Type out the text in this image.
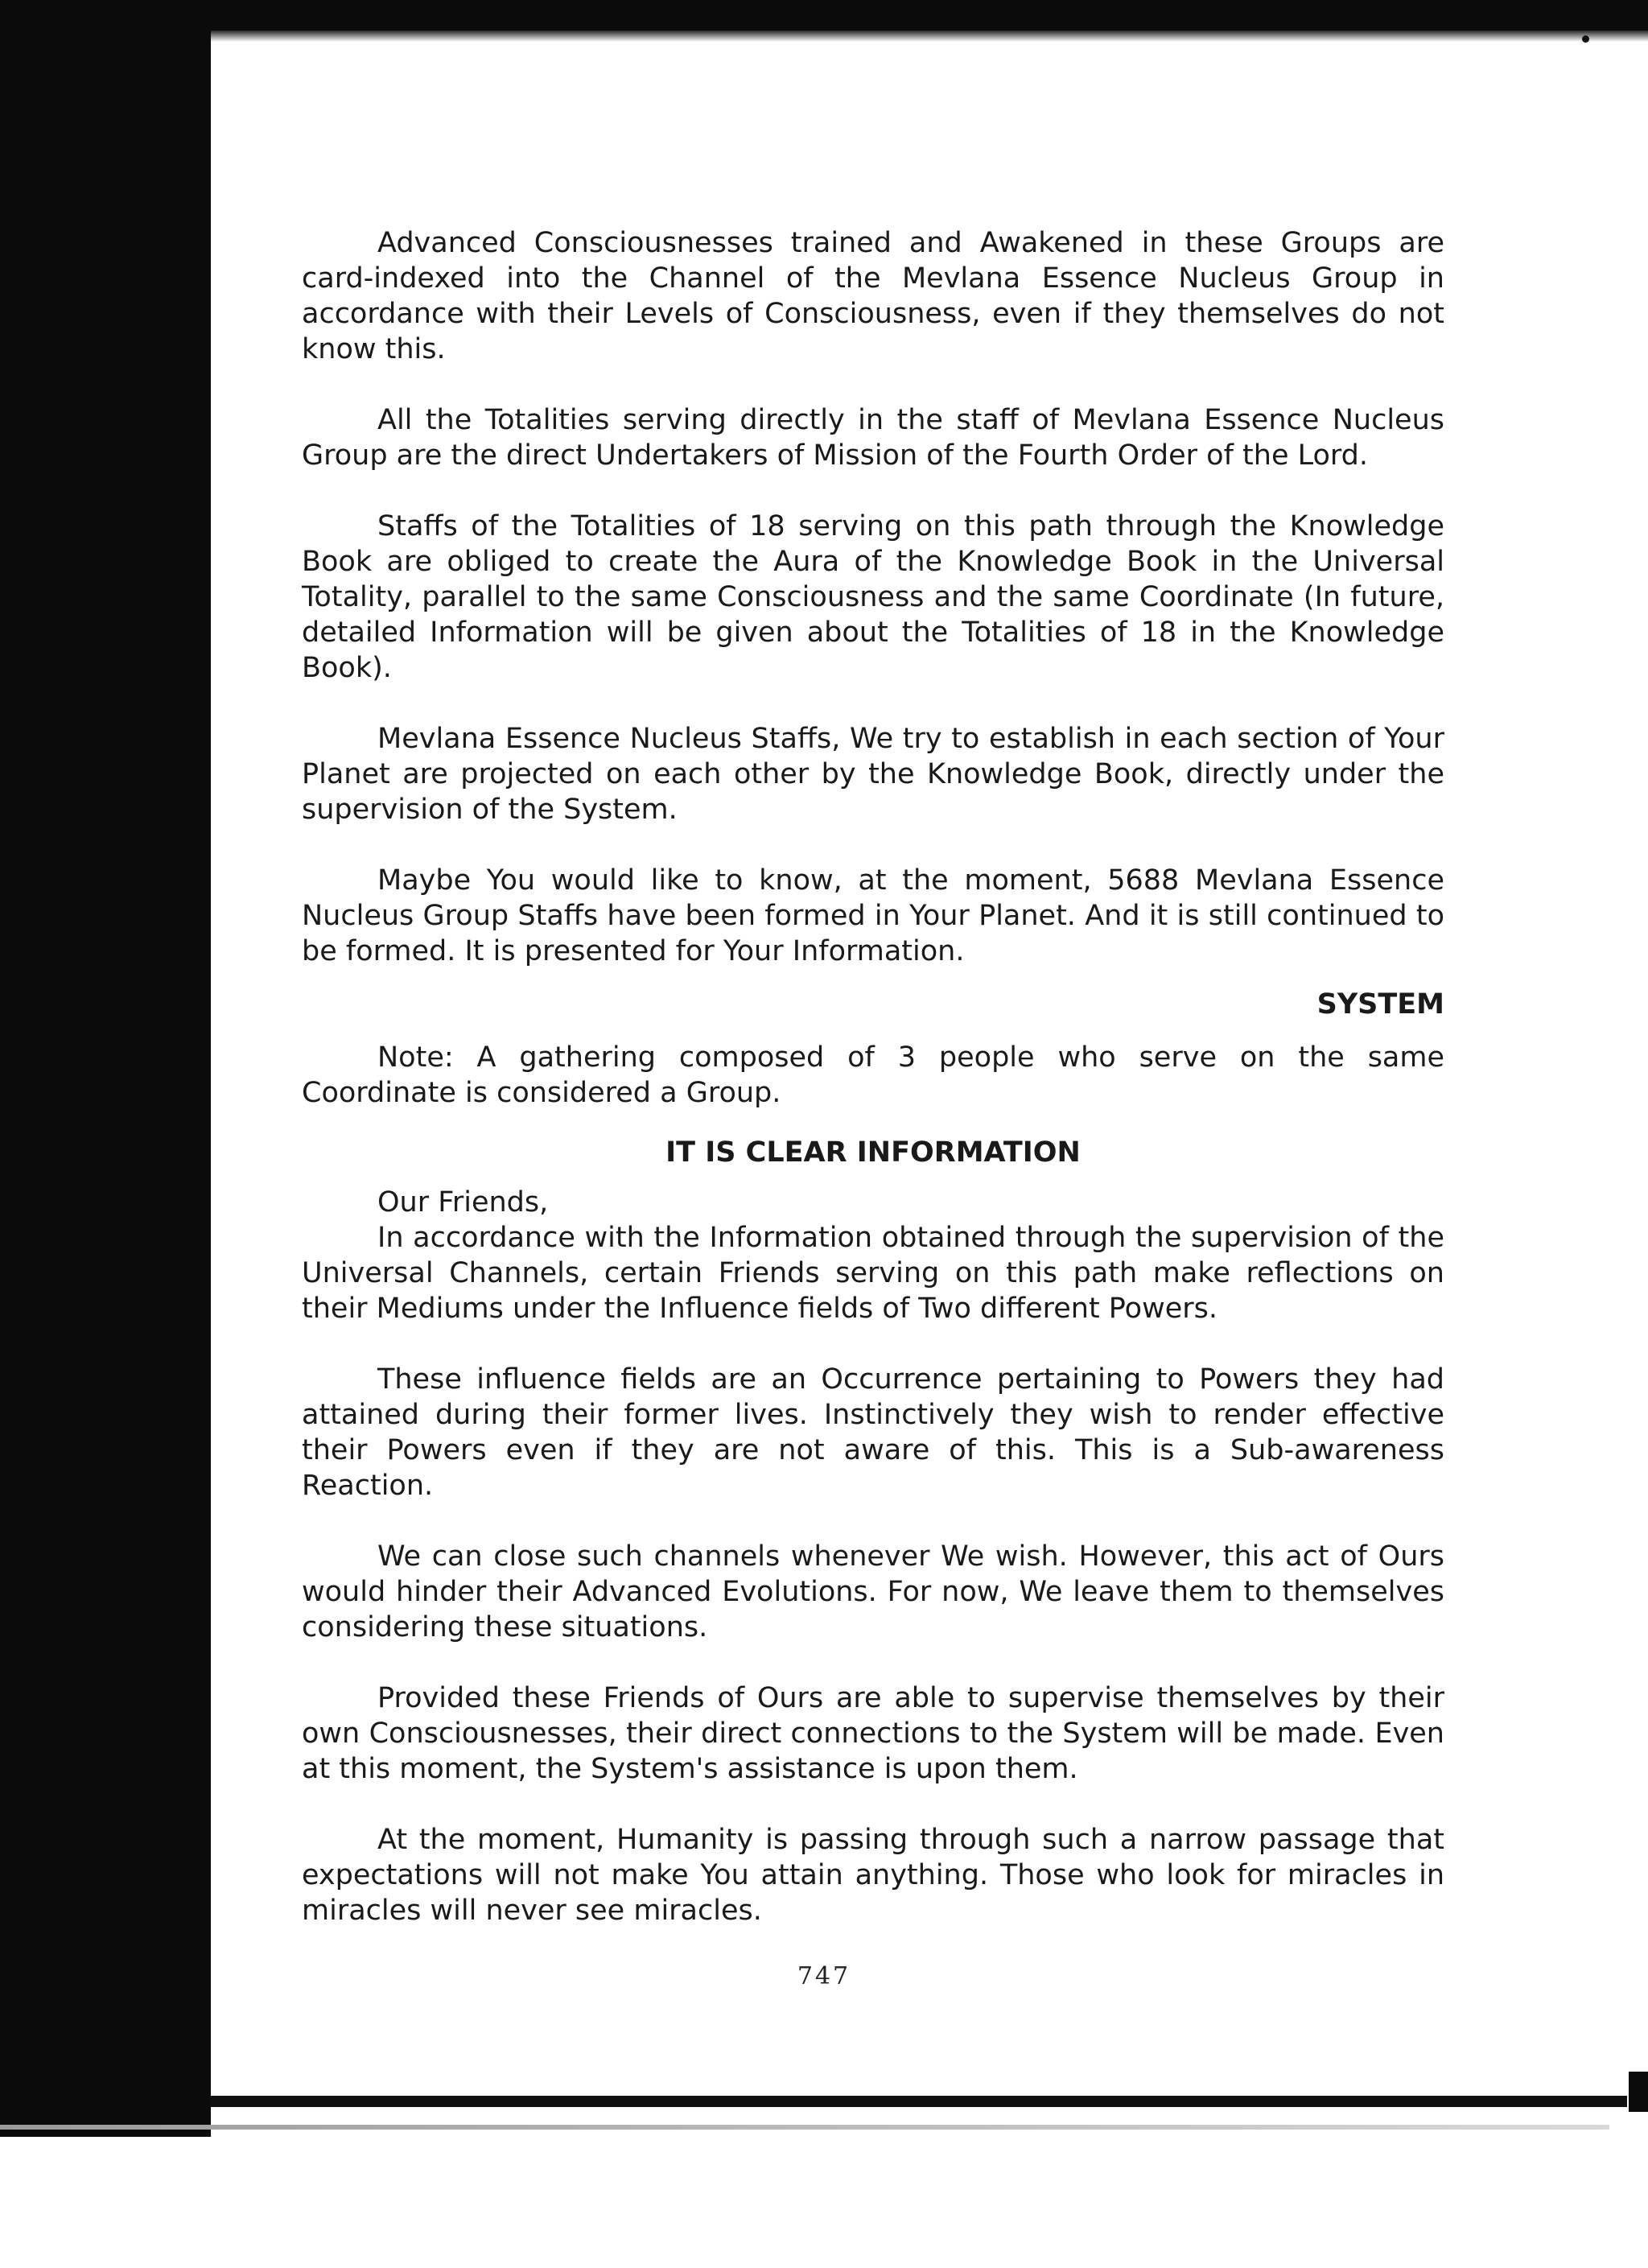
Advanced Consciousnesses trained and Awakened in these Groups are card-indexed into the Channel of the Mevlana Essence Nucleus Group in accordance with their Levels of Consciousness, even if they themselves do not know this.

All the Totalities serving directly in the staff of Mevlana Essence Nucleus Group are the direct Undertakers of Mission of the Fourth Order of the Lord.

Staffs of the Totalities of 18 serving on this path through the Knowledge Book are obliged to create the Aura of the Knowledge Book in the Universal Totality, parallel to the same Consciousness and the same Coordinate (In future, detailed Information will be given about the Totalities of 18 in the Knowledge Book).

Mevlana Essence Nucleus Staffs, We try to establish in each section of Your Planet are projected on each other by the Knowledge Book, directly under the supervision of the System.

Maybe You would like to know, at the moment, 5688 Mevlana Essence Nucleus Group Staffs have been formed in Your Planet. And it is still continued to be formed. It is presented for Your Information.

SYSTEM

Note: A gathering composed of 3 people who serve on the same Coordinate is considered a Group.

IT IS CLEAR INFORMATION

Our Friends,

In accordance with the Information obtained through the supervision of the Universal Channels, certain Friends serving on this path make reflections on their Mediums under the Influence fields of Two different Powers.

These influence fields are an Occurrence pertaining to Powers they had attained during their former lives. Instinctively they wish to render effective their Powers even if they are not aware of this. This is a Sub-awareness Reaction.

We can close such channels whenever We wish. However, this act of Ours would hinder their Advanced Evolutions. For now, We leave them to themselves considering these situations.

Provided these Friends of Ours are able to supervise themselves by their own Consciousnesses, their direct connections to the System will be made. Even at this moment, the System's assistance is upon them.

At the moment, Humanity is passing through such a narrow passage that expectations will not make You attain anything. Those who look for miracles in miracles will never see miracles.

747
